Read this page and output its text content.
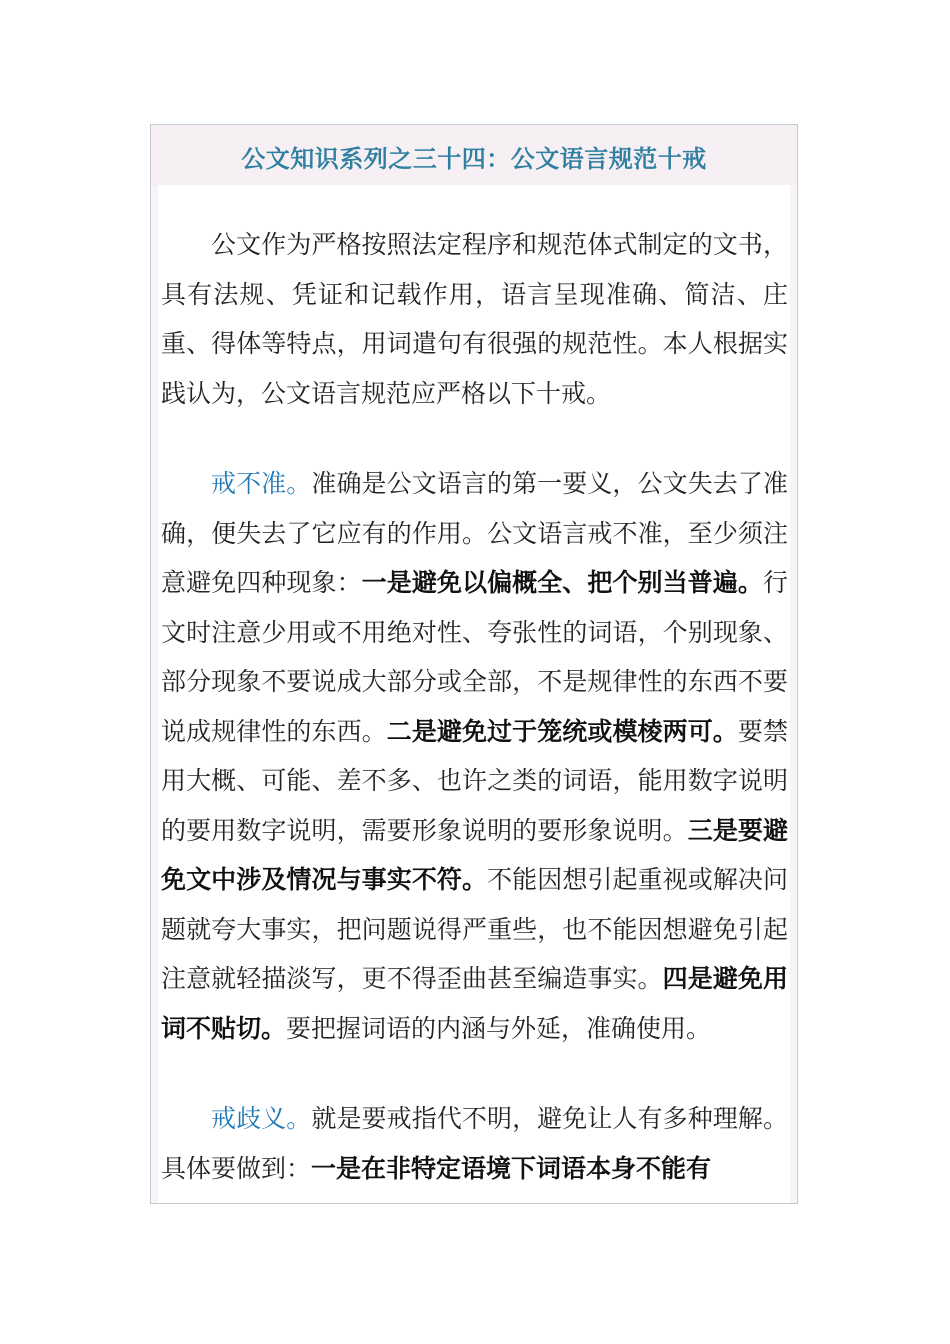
公文知识系列之三十四：公文语言规范十戒

公文作为严格按照法定程序和规范体式制定的文书，具有法规、凭证和记载作用，语言呈现准确、简洁、庄重、得体等特点，用词遣句有很强的规范性。本人根据实践认为，公文语言规范应严格以下十戒。

戒不准。准确是公文语言的第一要义，公文失去了准确，便失去了它应有的作用。公文语言戒不准，至少须注意避免四种现象：一是避免以偏概全、把个别当普遍。行文时注意少用或不用绝对性、夸张性的词语，个别现象、部分现象不要说成大部分或全部，不是规律性的东西不要说成规律性的东西。二是避免过于笼统或模棱两可。要禁用大概、可能、差不多、也许之类的词语，能用数字说明的要用数字说明，需要形象说明的要形象说明。三是要避免文中涉及情况与事实不符。不能因想引起重视或解决问题就夸大事实，把问题说得严重些，也不能因想避免引起注意就轻描淡写，更不得歪曲甚至编造事实。四是避免用词不贴切。要把握词语的内涵与外延，准确使用。

戒歧义。就是要戒指代不明，避免让人有多种理解。具体要做到：一是在非特定语境下词语本身不能有
